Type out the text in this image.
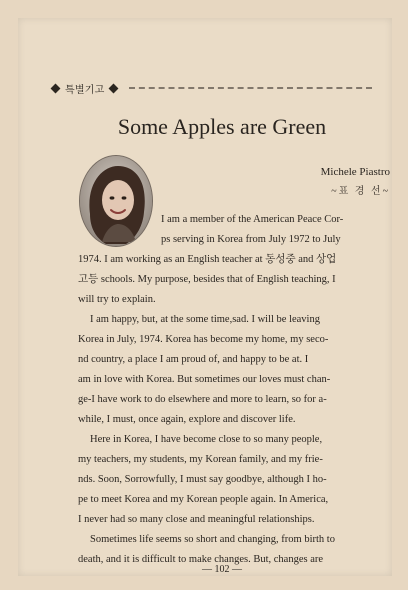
특별기고
Some Apples are Green
Michele Piastro
~표 경 선~
I am a member of the American Peace Cor-
ps serving in Korea from July 1972 to July
1974. I am working as an English teacher at 동성중 and 상업
고등 schools. My purpose, besides that of English teaching, I
will try to explain.
I am happy, but, at the some time,sad. I will be leaving
Korea in July, 1974. Korea has become my home, my seco-
nd country, a place I am proud of, and happy to be at. I
am in love with Korea. But sometimes our loves must chan-
ge-I have work to do elsewhere and more to learn, so for a-
while, I must, once again, explore and discover life.
Here in Korea, I have become close to so many people,
my teachers, my students, my Korean family, and my frie-
nds. Soon, Sorrowfully, I must say goodbye, although I ho-
pe to meet Korea and my Korean people again. In America,
I never had so many close and meaningful relationships.
Sometimes life seems so short and changing, from birth to
death, and it is difficult to make changes. But, changes are
— 102 —
